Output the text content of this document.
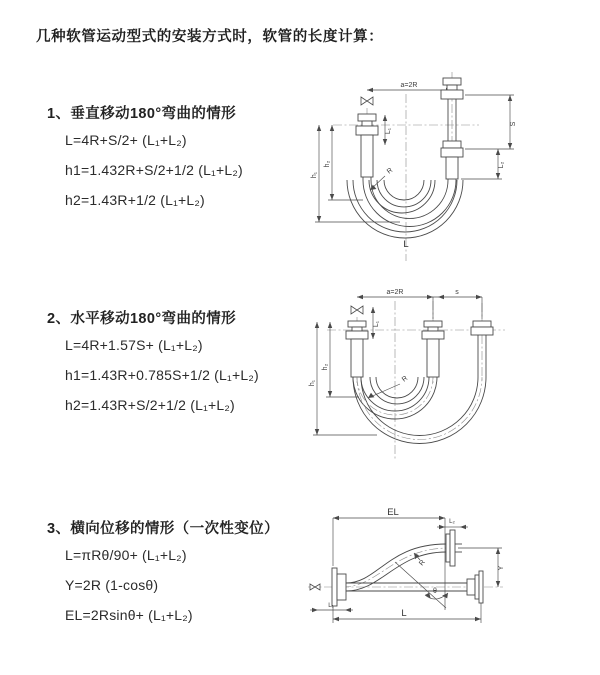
几种软管运动型式的安装方式时，软管的长度计算：
1、垂直移动180°弯曲的情形
L=4R+S/2+ (L₁+L₂)
h1=1.432R+S/2+1/2 (L₁+L₂)
h2=1.43R+1/2 (L₁+L₂)
2、水平移动180°弯曲的情形
L=4R+1.57S+ (L₁+L₂)
h1=1.43R+0.785S+1/2 (L₁+L₂)
h2=1.43R+S/2+1/2 (L₁+L₂)
3、横向位移的情形（一次性变位）
L=πRθ/90+ (L₁+L₂)
Y=2R (1-cosθ)
EL=2Rsinθ+ (L₁+L₂)
a=2R
S
L₂
L₁
h₁
h₂
R
L
a=2R	s
L₁
h₁
h₂
R
EL
L₂
Y
R
θ
L
L₁
